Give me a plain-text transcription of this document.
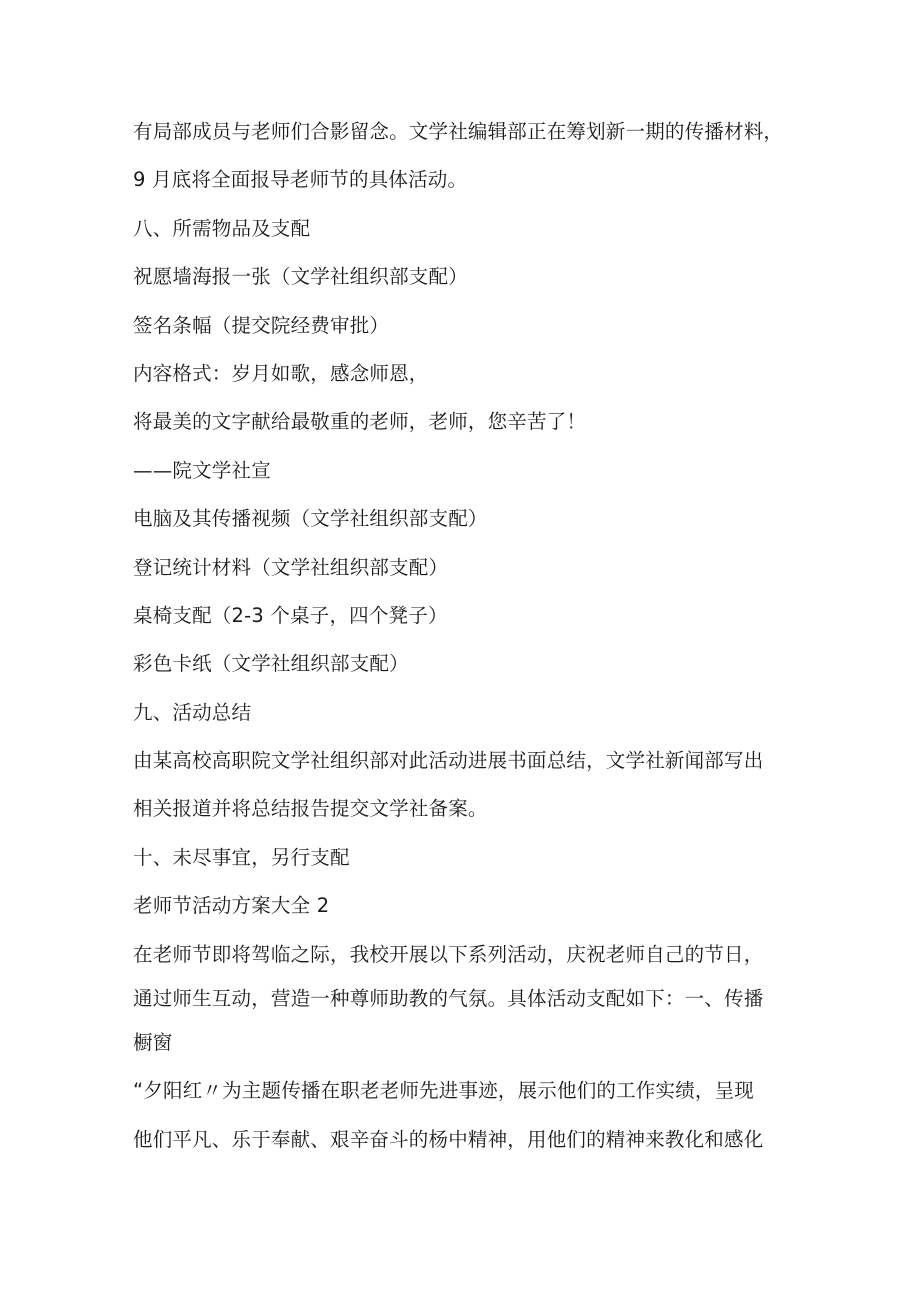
有局部成员与老师们合影留念。文学社编辑部正在筹划新一期的传播材料，
9 月底将全面报导老师节的具体活动。
八、所需物品及支配
祝愿墙海报一张（文学社组织部支配）
签名条幅（提交院经费审批）
内容格式：岁月如歌，感念师恩，
将最美的文字献给最敬重的老师，老师，您辛苦了！
——院文学社宣
电脑及其传播视频（文学社组织部支配）
登记统计材料（文学社组织部支配）
桌椅支配（2-3 个桌子，四个凳子）
彩色卡纸（文学社组织部支配）
九、活动总结
由某高校高职院文学社组织部对此活动进展书面总结，文学社新闻部写出
相关报道并将总结报告提交文学社备案。
十、未尽事宜，另行支配
老师节活动方案大全 2
在老师节即将驾临之际，我校开展以下系列活动，庆祝老师自己的节日，
通过师生互动，营造一种尊师助教的气氛。具体活动支配如下：一、传播
橱窗
“夕阳红〃为主题传播在职老老师先进事迹，展示他们的工作实绩，呈现
他们平凡、乐于奉献、艰辛奋斗的杨中精神，用他们的精神来教化和感化
